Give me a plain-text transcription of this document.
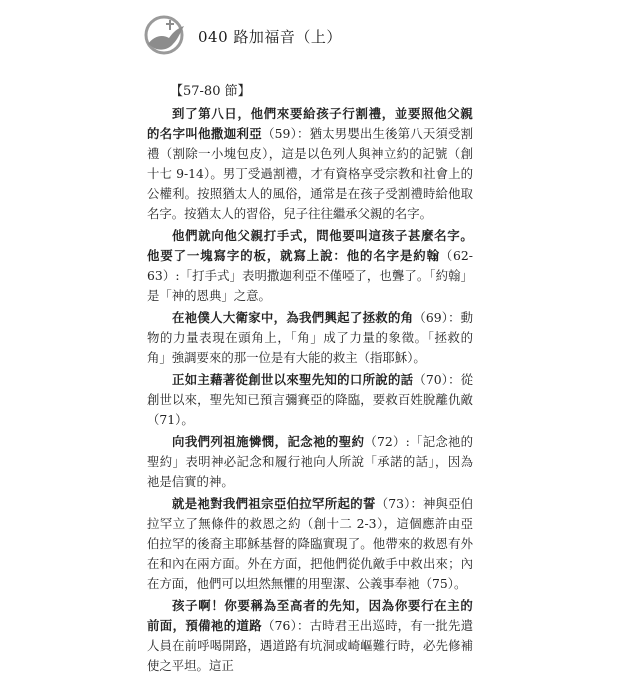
040 路加福音（上）
【57-80 節】

到了第八日，他們來要給孩子行割禮，並要照他父親的名字叫他撒迦利亞（59）：猶太男嬰出生後第八天須受割禮（割除一小塊包皮），這是以色列人與神立約的記號（創十七 9-14）。男丁受過割禮，才有資格享受宗教和社會上的公權利。按照猶太人的風俗，通常是在孩子受割禮時給他取名字。按猶太人的習俗，兒子往往繼承父親的名字。

他們就向他父親打手式，問他要叫這孩子甚麼名字。他要了一塊寫字的板，就寫上說：他的名字是約翰（62-63）:「打手式」表明撒迦利亞不僅啞了，也聾了。「約翰」是「神的恩典」之意。

在祂僕人大衛家中，為我們興起了拯救的角（69）：動物的力量表現在頭角上，「角」成了力量的象徵。「拯救的角」強調要來的那一位是有大能的救主（指耶穌）。

正如主藉著從創世以來聖先知的口所說的話（70）：從創世以來，聖先知已預言彌賽亞的降臨，要救百姓脫離仇敵（71）。

向我們列祖施憐憫，記念祂的聖約（72）:「記念祂的聖約」表明神必記念和履行祂向人所說「承諾的話」，因為祂是信實的神。

就是祂對我們祖宗亞伯拉罕所起的誓（73）：神與亞伯拉罕立了無條件的救恩之約（創十二 2-3），這個應許由亞伯拉罕的後裔主耶穌基督的降臨實現了。他帶來的救恩有外在和內在兩方面。外在方面，把他們從仇敵手中救出來；內在方面，他們可以坦然無懼的用聖潔、公義事奉祂（75）。

孩子啊！你要稱為至高者的先知，因為你要行在主的前面，預備祂的道路（76）：古時君王出巡時，有一批先遣人員在前呼喝開路，遇道路有坑洞或崎嶇難行時，必先修補使之平坦。這正
